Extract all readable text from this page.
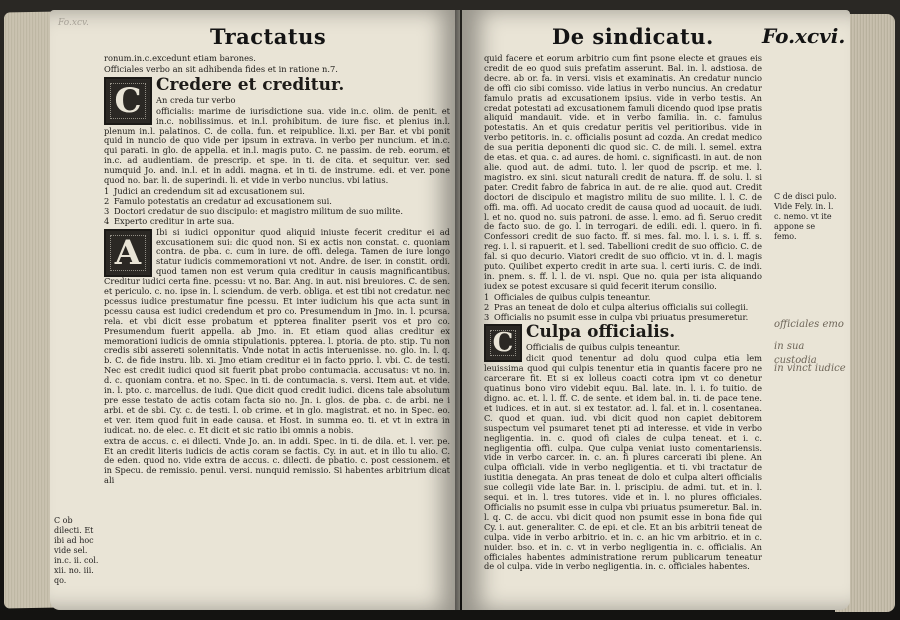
Fo.xcv.
Tractatus

ronum.in.c.excedunt etiam barones.

Officiales verbo an sit adhibenda fides et in ratione n.7.

C Credere et creditur.

An creda tur verbo

officialis: marime de iurisdictione sua. vide in.c. olim. de penit. et in.c. nobilissimus. et in.l. prohibitum. de iure fisc. et plenius in.l. plenum in.l. palatinos. C. de colla. fun. et reipublice. li.xi. per Bar. et vbi ponit quid in nuncio de quo vide per ipsum in extrava. in verbo per nuncium. et in.c. qui parati. in glo. de appella. et in.l. magis puto. C. ne passim. de reb. eorum. et in.c. ad audientiam. de prescrip. et spe. in ti. de cita. et sequitur. ver. sed numquid Jo. and. in.l. et in addi. magna. et in ti. de instrume. edi. et ver. pone quod no. bar. li. de superindi. li. et vide in verbo nuncius. vbi latius.

1 Judici an credendum sit ad excusationem sui.
2 Famulo potestatis an credatur ad excusationem sui.
3 Doctori credatur de suo discipulo: et magistro militum de suo milite.
4 Experto creditur in arte sua.
A

Ibi si iudici opponitur quod aliquid iniuste fecerit creditur ei ad excusationem sui: dic quod non. Si ex actis non constat. c. quoniam contra. de pba. c. cum in iure. de offi. delega. Tamen de iure longo statur iudicis commemorationi vt not. Andre. de iser. in constit. ordi. quod tamen non est verum quia creditur in causis magnificantibus. Creditur iudici certa fine. pcessu: vt no. Bar. Ang. in aut. nisi breuiores. C. de sen. et periculo. c. no. ipse in. l. sciendum. de verb. obliga. et est tibi not credatur. nec pcessus iudice prestumatur fine pcessu. Et inter iudicium his que acta sunt in pcessu causa est iudici credendum et pro co. Presumendum in Jmo. in. l. pcursa. rela. et vbi dicit esse probatum et ppterea finaliter pserit vos et pro co. Presumendum fuerit appella. ab Jmo. in. Et etiam quod alias creditur ex memorationi iudicis de omnia stipulationis. ppterea. l. ptoria. de pto. stip. Tu non credis sibi assereti solennitatis. Vnde notat in actis interuenisse. no. glo. in. l. q. b. C. de fide instru. lib. xi. Jmo etiam creditur ei in facto pprio. l. vbi. C. de testi. Nec est credit iudici quod sit fuerit pbat probo contumacia. accusatus: vt no. in. d. c. quoniam contra. et no. Spec. in ti. de contumacia. s. versi. Item aut. et vide. in. l. pto. c. marcellus. de iudi. Que dicit quod credit iudici. dicens tale absolutum pre esse testato de actis cotam facta sio no. Jn. i. glos. de pba. c. de arbi. ne i arbi. et de sbi. Cy. c. de testi. l. ob crime. et in glo. magistrat. et no. in Spec. eo. et ver. item quod fuit in eade causa. et Host. in summa eo. ti. et vt in extra in iudicat. no. de elec. c. Et dicit et sic ratio ibi omnis a nobis.

extra de accus. c. ei dilecti. Vnde Jo. an. in addi. Spec. in ti. de dila. et. l. ver. pe. Et an credit literis iudicis de actis coram se factis. Cy. in aut. et in illo tu alio. C. de eden. quod no. vide extra de accus. c. dilecti. de pbatio. c. post cessionem. et in Specu. de remissio. penul. versi. nunquid remissio. Si habentes arbitrium dicat ali

C ob dilecti. Et ibi ad hoc vide sel. in.c. ii. col. xii. no. iii. qo.
De sindicatu. Fo.xcvi.

quid facere et eorum arbitrio cum fint psone electe et graues eis credit de eo quod suis prefatim asserunt. Bal. in. l. adstiosa. de decre. ab or. fa. in versi. visis et examinatis. An credatur nuncio de offi cio sibi comisso. vide latius in verbo nuncius. An credatur famulo pratis ad excusationem ipsius. vide in verbo testis. An credat potestati ad excusationem famuli dicendo quod ipse pratis aliquid mandauit. vide. et in verbo familia. in. c. famulus potestatis. An et quis credatur peritis vel peritioribus. vide in verbo petitoris. in. c. officialis posunt ad cozda. An credat medico de sua peritia deponenti dic quod sic. C. de mili. l. semel. extra de etas. et qua. c. ad aures. de homi. c. significasti. in aut. de non alie. quod aut. de admi. tuto. l. ler quod de pscrip. et me. l. magistro. ex sini. sicut naturali credit de natura. ff. de solu. l. si pater. Credit fabro de fabrica in aut. de re alie. quod aut. Credit doctori de discipulo et magistro militu de suo milite. l. l. C. de offi. ma. offi. Ad uocato credit de causa quod ad uocauit. de iudi. l. et no. quod no. suis patroni. de asse. l. emo. ad fi. Seruo credit de facto suo. de go. l. in terrogari. de edili. edi. l. quero. in fi. Confessori credit de suo facto. ff. si mes. fal. mo. l. i. s. i. ff. s. reg. i. l. si rapuerit. et l. sed. Tabellioni credit de suo officio. C. de fal. si quo decurio. Viatori credit de suo officio. vt in. d. l. magis puto. Quilibet experto credit in arte sua. l. certi iuris. C. de indi. in. pnem. s. ff. l. l. de vi. nspi. Que no. quia per ista aliquando iudex se potest excusare si quid fecerit iterum consilio.

1 Officiales de quibus culpis teneantur.
2 Pras an teneat de dolo et culpa alterius officialis sui collegii.
3 Officialis no psumit esse in culpa vbi priuatus presumeretur.
C Culpa officialis.

Officialis de quibus culpis teneantur.

dicit quod tenentur ad dolu quod culpa etia lem leuissima quod qui culpis tenentur etia in quantis facere pro ne carcerare fit. Et si ex lolleus coacti cotra ipm vt co denetur quatinus bono viro videbit equu. Bal. late. in. l. i. fo tuitio. de digno. ac. et. l. l. ff. C. de sente. et idem bal. in. ti. de pace tene. et iudices. et in aut. si ex testator. ad. l. fal. et in. l. cosentanea. C. quod et quan. iud. vbi dicit quod non capiet debitorem suspectum vel psumaret tenet pti ad interesse. et vide in verbo negligentia. in. c. quod ofi ciales de culpa teneat. et i. c. negligentia offi. culpa. Que culpa veniat iusto comentariensis. vide in verbo carcer. in. c. an. fi plures carcerati ibi plene. An culpa officiali. vide in verbo negligentia. et ti. vbi tractatur de iustitia denegata. An pras teneat de dolo et culpa alteri officialis sue collegii vide late Bar. in. l. priscipiu. de admi. tut. et in. l. sequi. et in. l. tres tutores. vide et in. l. no plures officiales. Officialis no psumit esse in culpa vbi priuatus psumeretur. Bal. in. l. q. C. de accu. vbi dicit quod non psumit esse in bona fide qui Cy. i. aut. generaliter. C. de epi. et cle. Et an bis arbitrii teneat de culpa. vide in verbo arbitrio. et in. c. an hic vm arbitrio. et in c. nuider. bso. et in. c. vt in verbo negligentia in. c. officialis. An officiales habentes administratione rerum publicarum teneatur de ol culpa. vide in verbo negligentia. in. c. officiales habentes.

C de disci pulo. Vide Fely. in. l. c. nemo. vt ite appone se femo.
officiales emo
in sua custodia
in vinct iudice
